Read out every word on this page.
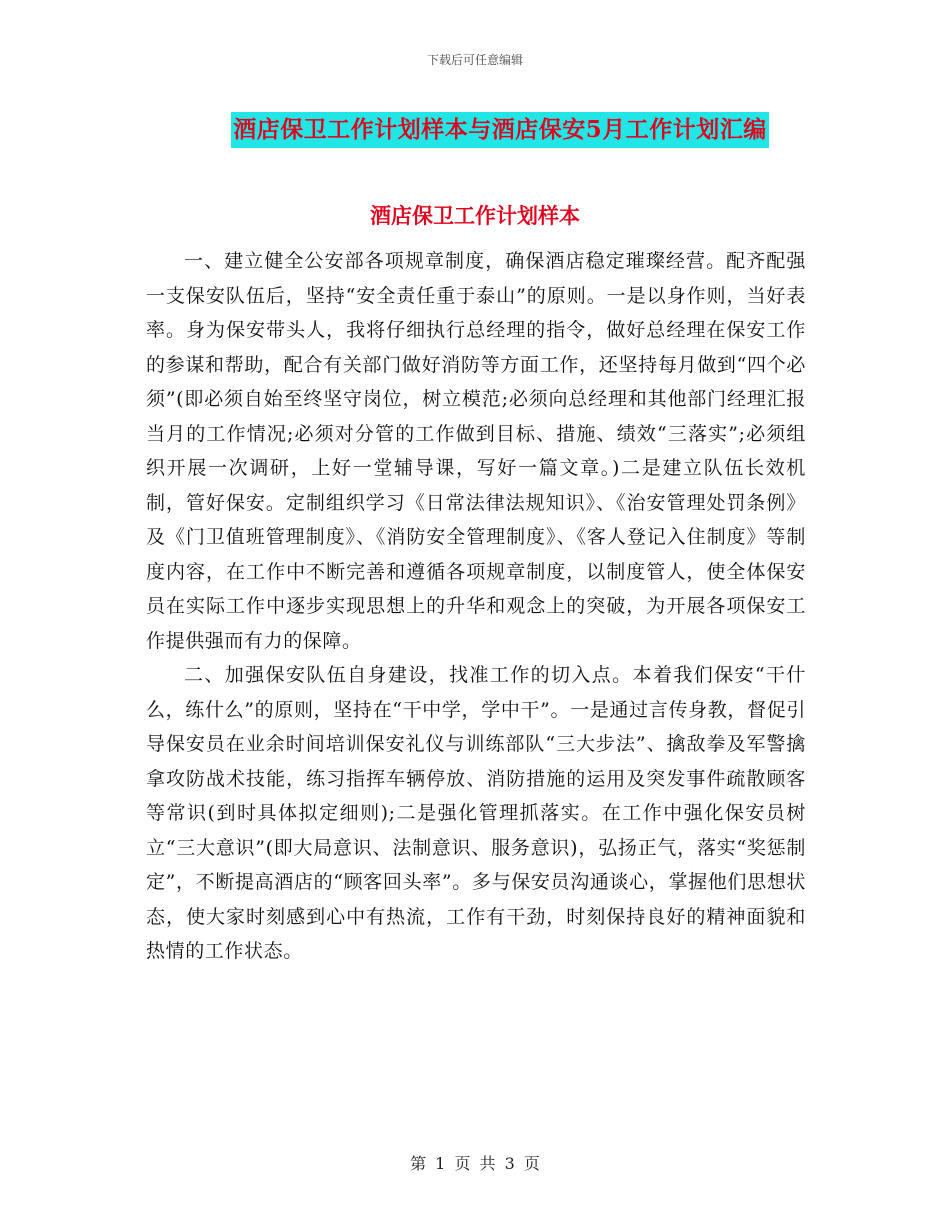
下载后可任意编辑
酒店保卫工作计划样本与酒店保安5月工作计划汇编
酒店保卫工作计划样本

一、建立健全公安部各项规章制度，确保酒店稳定璀璨经营。配齐配强一支保安队伍后，坚持“安全责任重于泰山”的原则。一是以身作则，当好表率。身为保安带头人，我将仔细执行总经理的指令，做好总经理在保安工作的参谋和帮助，配合有关部门做好消防等方面工作，还坚持每月做到“四个必须”(即必须自始至终坚守岗位，树立模范;必须向总经理和其他部门经理汇报当月的工作情况;必须对分管的工作做到目标、措施、绩效“三落实”;必须组织开展一次调研，上好一堂辅导课，写好一篇文章。)二是建立队伍长效机制，管好保安。定制组织学习《日常法律法规知识》、《治安管理处罚条例》及《门卫值班管理制度》、《消防安全管理制度》、《客人登记入住制度》等制度内容，在工作中不断完善和遵循各项规章制度，以制度管人，使全体保安员在实际工作中逐步实现思想上的升华和观念上的突破，为开展各项保安工作提供强而有力的保障。

二、加强保安队伍自身建设，找准工作的切入点。本着我们保安“干什么，练什么”的原则，坚持在“干中学，学中干”。一是通过言传身教，督促引导保安员在业余时间培训保安礼仪与训练部队“三大步法”、擒敌拳及军警擒拿攻防战术技能，练习指挥车辆停放、消防措施的运用及突发事件疏散顾客等常识(到时具体拟定细则);二是强化管理抓落实。在工作中强化保安员树立“三大意识”(即大局意识、法制意识、服务意识)，弘扬正气，落实“奖惩制定”，不断提高酒店的“顾客回头率”。多与保安员沟通谈心，掌握他们思想状态，使大家时刻感到心中有热流，工作有干劲，时刻保持良好的精神面貌和热情的工作状态。

第 1 页 共 3 页
